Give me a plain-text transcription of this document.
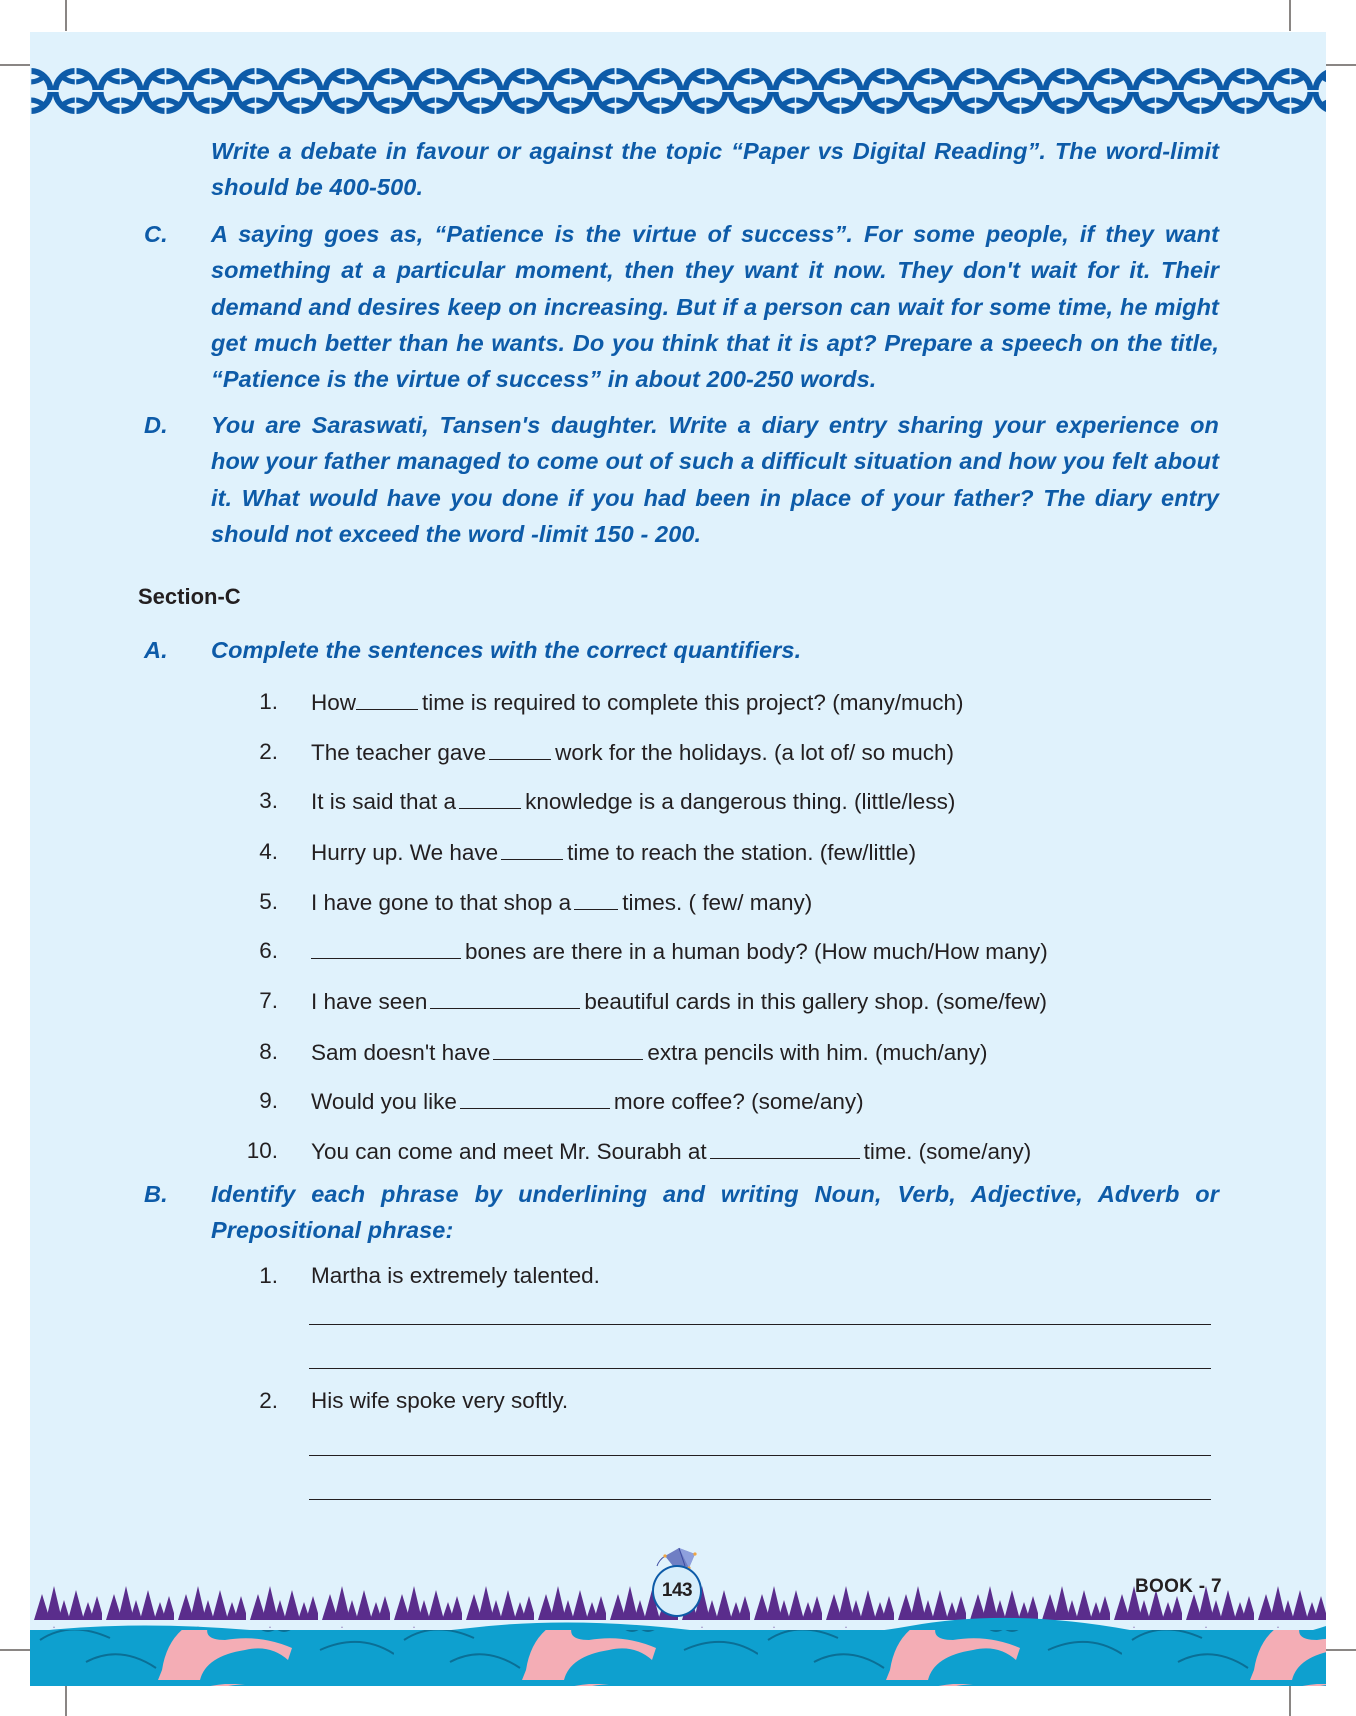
Write a debate in favour or against the topic “Paper vs Digital Reading”. The word-limit should be 400-500.
C. A saying goes as, “Patience is the virtue of success”. For some people, if they want something at a particular moment, then they want it now. They don't wait for it. Their demand and desires keep on increasing. But if a person can wait for some time, he might get much better than he wants. Do you think that it is apt? Prepare a speech on the title, “Patience is the virtue of success” in about 200-250 words.
D. You are Saraswati, Tansen's daughter. Write a diary entry sharing your experience on how your father managed to come out of such a difficult situation and how you felt about it. What would have you done if you had been in place of your father? The diary entry should not exceed the word -limit 150 - 200.
Section-C
A. Complete the sentences with the correct quantifiers.
1. How	time is required to complete this project? (many/much)
2. The teacher gave	work for the holidays. (a lot of/ so much)
3. It is said that a	knowledge is a dangerous thing. (little/less)
4. Hurry up. We have	time to reach the station. (few/little)
5. I have gone to that shop a times. ( few/ many)
6.	bones are there in a human body? (How much/How many)
7. I have seen	beautiful cards in this gallery shop. (some/few)
8. Sam doesn't have	extra pencils with him. (much/any)
9. Would you like	more coffee? (some/any)
10. You can come and meet Mr. Sourabh at	time. (some/any)
B. Identify each phrase by underlining and writing Noun, Verb, Adjective, Adverb or
Prepositional phrase:
1. Martha is extremely talented.
2. His wife spoke very softly.
143	BOOK - 7
